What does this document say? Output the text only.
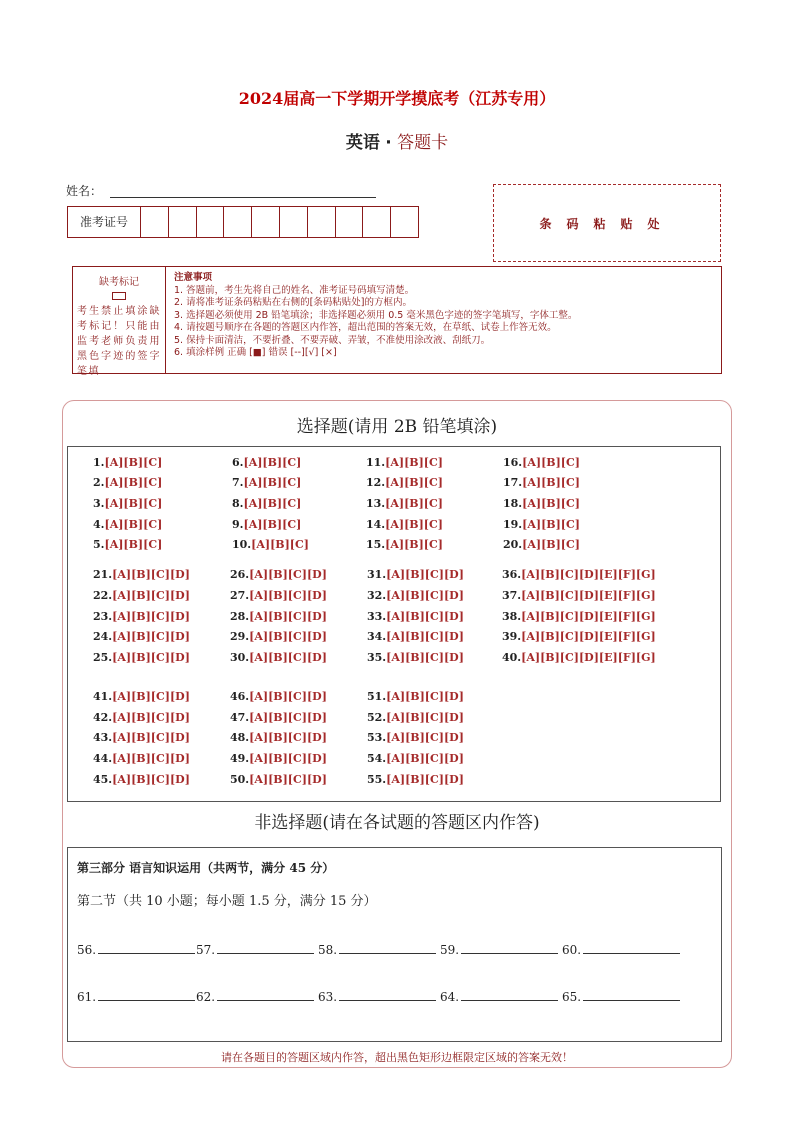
2024届高一下学期开学摸底考（江苏专用）
英语 · 答题卡
姓名：
准考证号	条码粘贴处
缺考标记
考生禁止填涂缺考标记！只能由监考老师负责用黑色字迹的签字笔填
注意事项
1. 答题前，考生先将自己的姓名、准考证号码填写清楚。
2. 请将准考证条码粘贴在右侧的[条码粘贴处]的方框内。
3. 选择题必须使用 2B 铅笔填涂；非选择题必须用 0.5 毫米黑色字迹的签字笔填写，字体工整。
4. 请按题号顺序在各题的答题区内作答，超出范围的答案无效，在草纸、试卷上作答无效。
5. 保持卡面清洁，不要折叠、不要弄破、弄皱，不准使用涂改液、刮纸刀。
6. 填涂样例 正确 [■] 错误 [--][√] [×]
选择题(请用 2B 铅笔填涂)
1.[A][B][C]
2.[A][B][C]
3.[A][B][C]
4.[A][B][C]
5.[A][B][C]
6.[A][B][C]
7.[A][B][C]
8.[A][B][C]
9.[A][B][C]
10.[A][B][C]
11.[A][B][C]
12.[A][B][C]
13.[A][B][C]
14.[A][B][C]
15.[A][B][C]
16.[A][B][C]
17.[A][B][C]
18.[A][B][C]
19.[A][B][C]
20.[A][B][C]
21.[A][B][C][D]
22.[A][B][C][D]
23.[A][B][C][D]
24.[A][B][C][D]
25.[A][B][C][D]
26.[A][B][C][D]
27.[A][B][C][D]
28.[A][B][C][D]
29.[A][B][C][D]
30.[A][B][C][D]
31.[A][B][C][D]
32.[A][B][C][D]
33.[A][B][C][D]
34.[A][B][C][D]
35.[A][B][C][D]
36.[A][B][C][D][E][F][G]
37.[A][B][C][D][E][F][G]
38.[A][B][C][D][E][F][G]
39.[A][B][C][D][E][F][G]
40.[A][B][C][D][E][F][G]
41.[A][B][C][D]
42.[A][B][C][D]
43.[A][B][C][D]
44.[A][B][C][D]
45.[A][B][C][D]
46.[A][B][C][D]
47.[A][B][C][D]
48.[A][B][C][D]
49.[A][B][C][D]
50.[A][B][C][D]
51.[A][B][C][D]
52.[A][B][C][D]
53.[A][B][C][D]
54.[A][B][C][D]
55.[A][B][C][D]
非选择题(请在各试题的答题区内作答)
第三部分 语言知识运用（共两节，满分 45 分）
第二节（共 10 小题；每小题 1.5 分，满分 15 分）
56.	57.	58.	59.	60.
61.	62.	63.	64.	65.
请在各题目的答题区域内作答，超出黑色矩形边框限定区域的答案无效！
